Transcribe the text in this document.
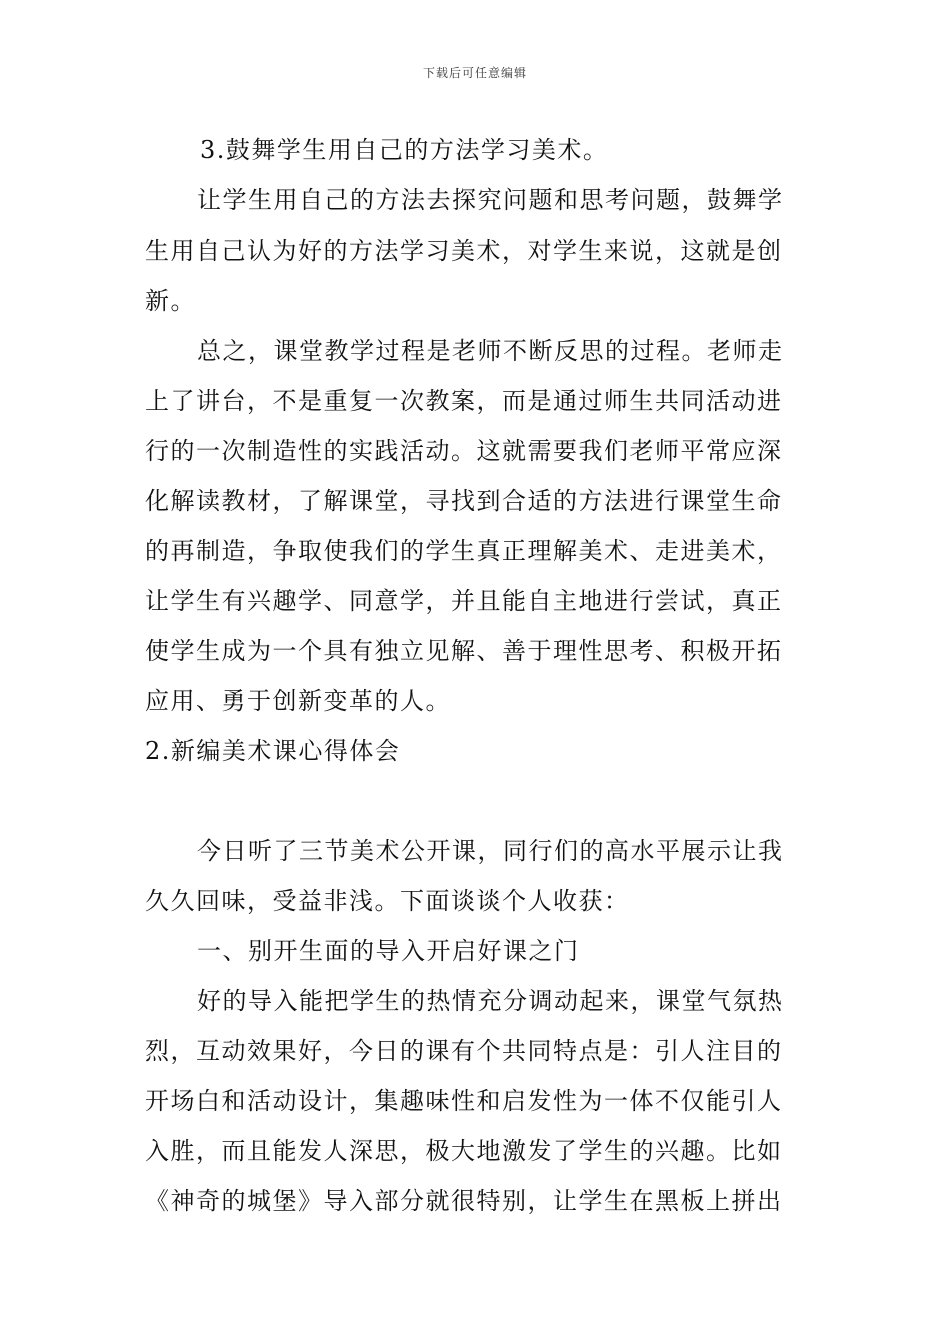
下载后可任意编辑
3.鼓舞学生用自己的方法学习美术。
让学生用自己的方法去探究问题和思考问题，鼓舞学
生用自己认为好的方法学习美术，对学生来说，这就是创
新。
总之，课堂教学过程是老师不断反思的过程。老师走
上了讲台，不是重复一次教案，而是通过师生共同活动进
行的一次制造性的实践活动。这就需要我们老师平常应深
化解读教材，了解课堂，寻找到合适的方法进行课堂生命
的再制造，争取使我们的学生真正理解美术、走进美术，
让学生有兴趣学、同意学，并且能自主地进行尝试，真正
使学生成为一个具有独立见解、善于理性思考、积极开拓
应用、勇于创新变革的人。
2.新编美术课心得体会
今日听了三节美术公开课，同行们的高水平展示让我
久久回味，受益非浅。下面谈谈个人收获：
一、别开生面的导入开启好课之门
好的导入能把学生的热情充分调动起来，课堂气氛热
烈，互动效果好，今日的课有个共同特点是：引人注目的
开场白和活动设计，集趣味性和启发性为一体不仅能引人
入胜，而且能发人深思，极大地激发了学生的兴趣。比如
《神奇的城堡》导入部分就很特别，让学生在黑板上拼出
